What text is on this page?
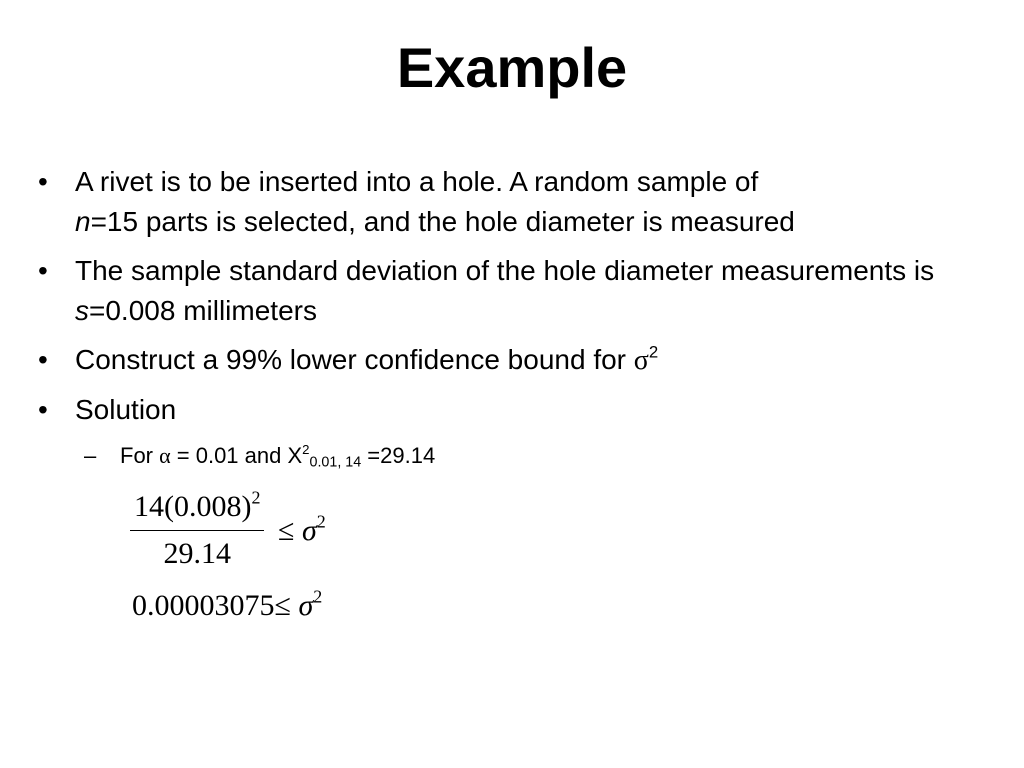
Example
• A rivet is to be inserted into a hole. A random sample of
n=15 parts is selected, and the hole diameter is measured
• The sample standard deviation of the hole diameter measurements is s=0.008 millimeters
• Construct a 99% lower confidence bound for $\sigma^2$
• Solution
–	For α = 0.01 and $X^2_{0.01, 14} =29.14$
$\frac{14(0.008)^2}{29.14} \le \sigma^2$
$0.00003075\le \sigma^2$
